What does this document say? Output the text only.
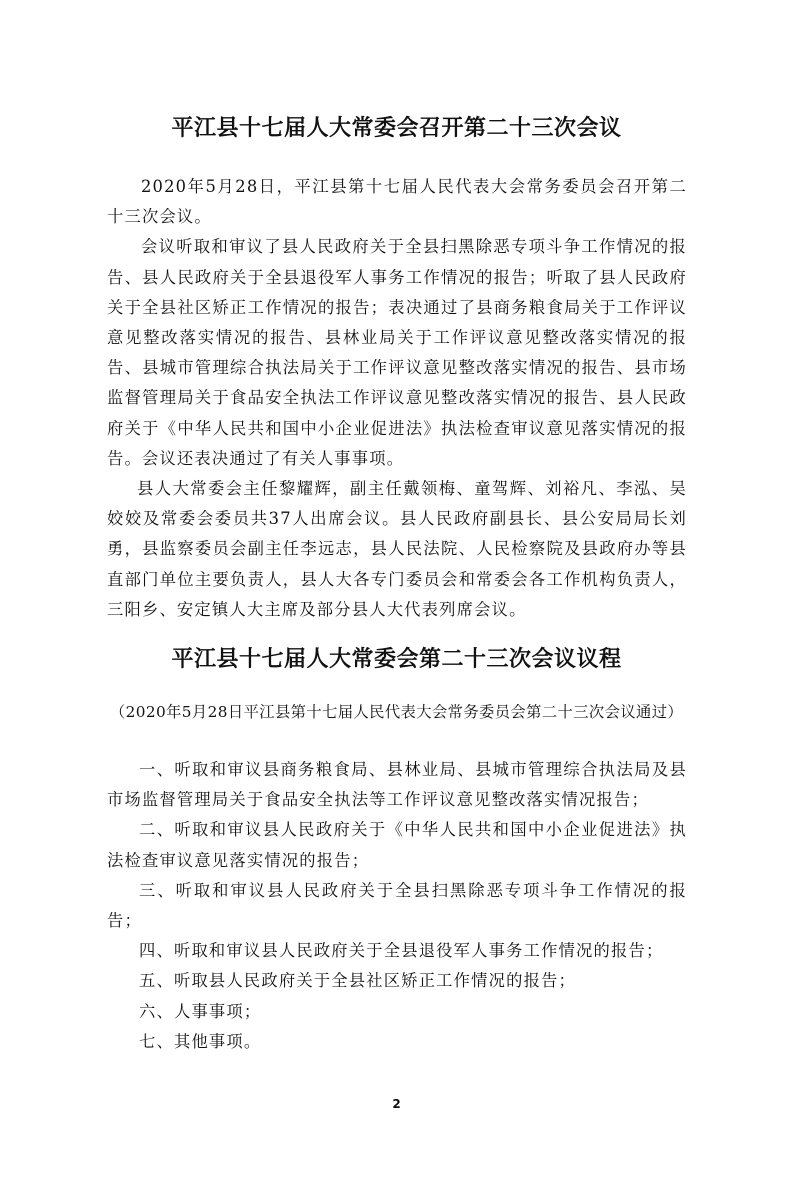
平江县十七届人大常委会召开第二十三次会议

2020年5月28日，平江县第十七届人民代表大会常务委员会召开第二十三次会议。

会议听取和审议了县人民政府关于全县扫黑除恶专项斗争工作情况的报告、县人民政府关于全县退役军人事务工作情况的报告；听取了县人民政府关于全县社区矫正工作情况的报告；表决通过了县商务粮食局关于工作评议意见整改落实情况的报告、县林业局关于工作评议意见整改落实情况的报告、县城市管理综合执法局关于工作评议意见整改落实情况的报告、县市场监督管理局关于食品安全执法工作评议意见整改落实情况的报告、县人民政府关于《中华人民共和国中小企业促进法》执法检查审议意见落实情况的报告。会议还表决通过了有关人事事项。

县人大常委会主任黎耀辉，副主任戴领梅、童驾辉、刘裕凡、李泓、吴姣姣及常委会委员共37人出席会议。县人民政府副县长、县公安局局长刘勇，县监察委员会副主任李远志，县人民法院、人民检察院及县政府办等县直部门单位主要负责人，县人大各专门委员会和常委会各工作机构负责人，三阳乡、安定镇人大主席及部分县人大代表列席会议。

平江县十七届人大常委会第二十三次会议议程
（2020年5月28日平江县第十七届人民代表大会常务委员会第二十三次会议通过）

一、听取和审议县商务粮食局、县林业局、县城市管理综合执法局及县市场监督管理局关于食品安全执法等工作评议意见整改落实情况报告；

二、听取和审议县人民政府关于《中华人民共和国中小企业促进法》执法检查审议意见落实情况的报告；

三、听取和审议县人民政府关于全县扫黑除恶专项斗争工作情况的报告；

四、听取和审议县人民政府关于全县退役军人事务工作情况的报告；

五、听取县人民政府关于全县社区矫正工作情况的报告；

六、人事事项；

七、其他事项。

2
